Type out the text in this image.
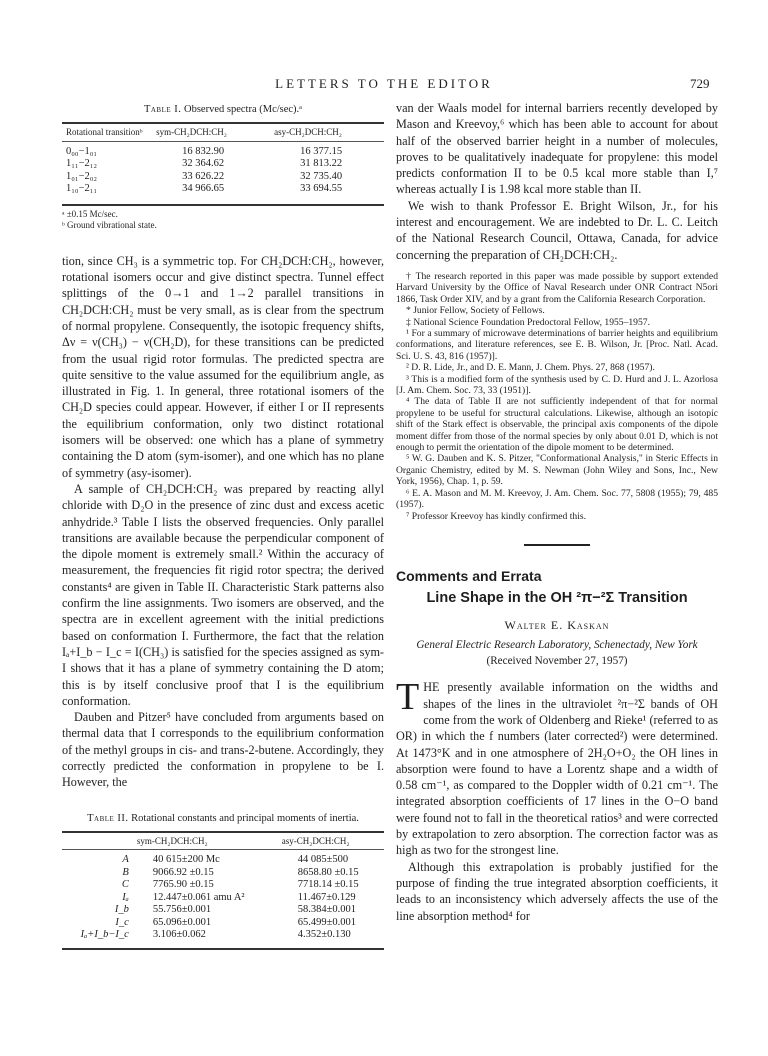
LETTERS TO THE EDITOR	729
Table I. Observed spectra (Mc/sec).ᵃ
Rotational transitionᵇ	sym-CH₂DCH:CH₂	asy-CH₂DCH:CH₂
0₀₀−1₀₁	16 832.90	16 377.15
1₁₁−2₁₂	32 364.62	31 813.22
1₀₁−2₀₂	33 626.22	32 735.40
1₁₀−2₁₁	34 966.65	33 694.55
ᵃ ±0.15 Mc/sec.
ᵇ Ground vibrational state.

tion, since CH₃ is a symmetric top. For CH₂DCH:CH₂, however, rotational isomers occur and give distinct spectra. Tunnel effect splittings of the 0→1 and 1→2 parallel transitions in CH₂DCH:CH₂ must be very small, as is clear from the spectrum of normal propylene. Consequently, the isotopic frequency shifts, Δν = ν(CH₃) − ν(CH₂D), for these transitions can be predicted from the usual rigid rotor formulas. The predicted spectra are quite sensitive to the value assumed for the equilibrium angle, as illustrated in Fig. 1. In general, three rotational isomers of the CH₂D species could appear. However, if either I or II represents the equilibrium conformation, only two distinct rotational isomers will be observed: one which has a plane of symmetry containing the D atom (sym-isomer), and one which has no plane of symmetry (asy-isomer).

A sample of CH₂DCH:CH₂ was prepared by reacting allyl chloride with D₂O in the presence of zinc dust and excess acetic anhydride.³ Table I lists the observed frequencies. Only parallel transitions are available because the perpendicular component of the dipole moment is extremely small.² Within the accuracy of measurement, the frequencies fit rigid rotor spectra; the derived constants⁴ are given in Table II. Characteristic Stark patterns also confirm the line assignments. Two isomers are observed, and the spectra are in excellent agreement with the initial predictions based on conformation I. Furthermore, the fact that the relation Iₐ+I_b − I_c = I(CH₃) is satisfied for the species assigned as sym-I shows that it has a plane of symmetry containing the D atom; this is by itself conclusive proof that I is the equilibrium conformation.

Dauben and Pitzer⁵ have concluded from arguments based on thermal data that I corresponds to the equilibrium conformation of the methyl groups in cis- and trans-2-butene. Accordingly, they correctly predicted the conformation in propylene to be I. However, the

Table II. Rotational constants and principal moments of inertia.
	sym-CH₂DCH:CH₂	asy-CH₂DCH:CH₂
A	40 615±200 Mc	44 085±500
B	9066.92 ±0.15	8658.80 ±0.15
C	7765.90 ±0.15	7718.14 ±0.15
Iₐ	12.447±0.061 amu A²	11.467±0.129
I_b	55.756±0.001	58.384±0.001
I_c	65.096±0.001	65.499±0.001
Iₐ+I_b−I_c	3.106±0.062	4.352±0.130

van der Waals model for internal barriers recently developed by Mason and Kreevoy,⁶ which has been able to account for about half of the observed barrier height in a number of molecules, proves to be qualitatively inadequate for propylene: this model predicts conformation II to be 0.5 kcal more stable than I,⁷ whereas actually I is 1.98 kcal more stable than II.

We wish to thank Professor E. Bright Wilson, Jr., for his interest and encouragement. We are indebted to Dr. L. C. Leitch of the National Research Council, Ottawa, Canada, for advice concerning the preparation of CH₂DCH:CH₂.

† The research reported in this paper was made possible by support extended Harvard University by the Office of Naval Research under ONR Contract N5ori 1866, Task Order XIV, and by a grant from the California Research Corporation.

* Junior Fellow, Society of Fellows.

‡ National Science Foundation Predoctoral Fellow, 1955–1957.

¹ For a summary of microwave determinations of barrier heights and equilibrium conformations, and literature references, see E. B. Wilson, Jr. [Proc. Natl. Acad. Sci. U. S. 43, 816 (1957)].

² D. R. Lide, Jr., and D. E. Mann, J. Chem. Phys. 27, 868 (1957).

³ This is a modified form of the synthesis used by C. D. Hurd and J. L. Azorlosa [J. Am. Chem. Soc. 73, 33 (1951)].

⁴ The data of Table II are not sufficiently independent of that for normal propylene to be useful for structural calculations. Likewise, although an isotopic shift of the Stark effect is observable, the principal axis components of the dipole moment differ from those of the normal species by only about 0.01 D, which is not enough to permit the orientation of the dipole moment to be determined.

⁵ W. G. Dauben and K. S. Pitzer, "Conformational Analysis," in Steric Effects in Organic Chemistry, edited by M. S. Newman (John Wiley and Sons, Inc., New York, 1956), Chap. 1, p. 59.

⁶ E. A. Mason and M. M. Kreevoy, J. Am. Chem. Soc. 77, 5808 (1955); 79, 485 (1957).

⁷ Professor Kreevoy has kindly confirmed this.

Comments and Errata
Line Shape in the OH ²π−²Σ Transition
Walter E. Kaskan
General Electric Research Laboratory, Schenectady, New York
(Received November 27, 1957)

THE presently available information on the widths and shapes of the lines in the ultraviolet ²π−²Σ bands of OH come from the work of Oldenberg and Rieke¹ (referred to as OR) in which the f numbers (later corrected²) were determined. At 1473°K and in one atmosphere of 2H₂O+O₂ the OH lines in absorption were found to have a Lorentz shape and a width of 0.58 cm⁻¹, as compared to the Doppler width of 0.21 cm⁻¹. The integrated absorption coefficients of 17 lines in the O−O band were found not to fall in the theoretical ratios³ and were corrected by extrapolation to zero absorption. The correction factor was as high as two for the strongest line.

Although this extrapolation is probably justified for the purpose of finding the true integrated absorption coefficients, it leads to an inconsistency which adversely affects the use of the line absorption method⁴ for
